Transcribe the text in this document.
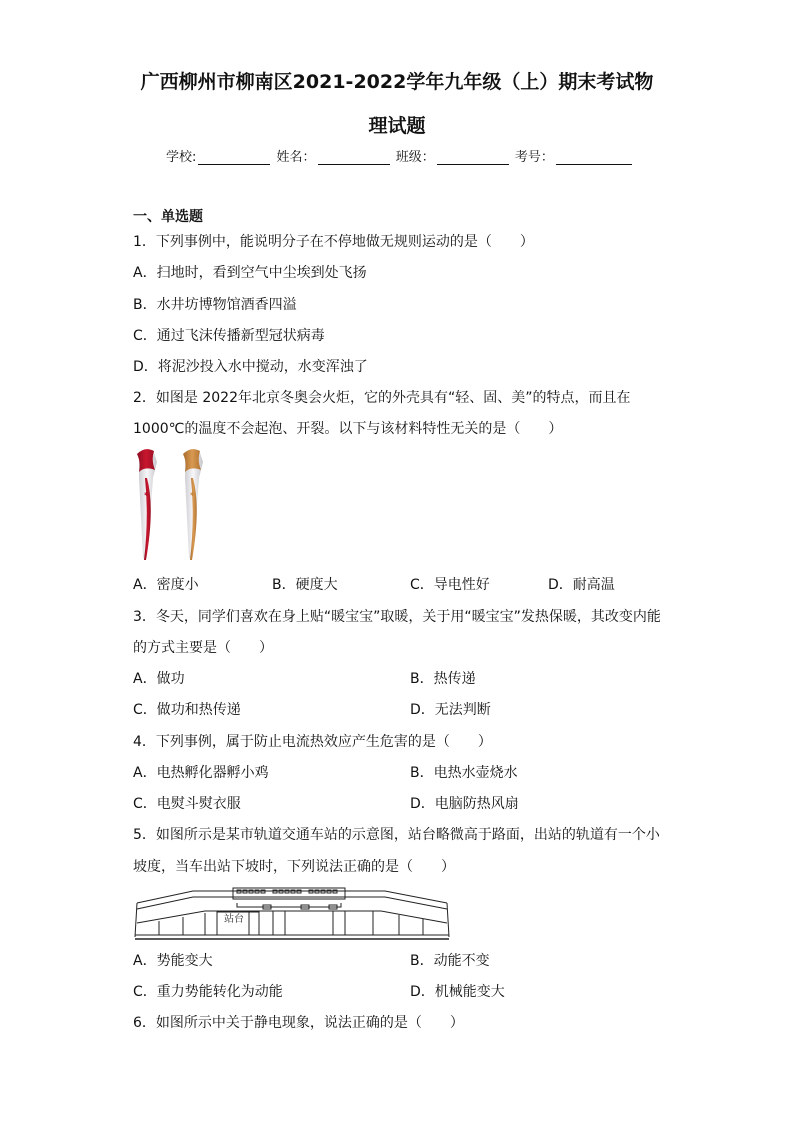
广西柳州市柳南区2021-2022学年九年级（上）期末考试物
理试题
学校:	姓名：	班级：	考号：
一、单选题
1．下列事例中，能说明分子在不停地做无规则运动的是（　　）
A．扫地时，看到空气中尘埃到处飞扬
B．水井坊博物馆酒香四溢
C．通过飞沫传播新型冠状病毒
D．将泥沙投入水中搅动，水变浑浊了
2．如图是 2022年北京冬奥会火炬，它的外壳具有“轻、固、美”的特点，而且在
1000℃的温度不会起泡、开裂。以下与该材料特性无关的是（　　）
✱	✱
A．密度小	B．硬度大	C．导电性好	D．耐高温
3．冬天，同学们喜欢在身上贴“暖宝宝”取暖，关于用“暖宝宝”发热保暖，其改变内能
的方式主要是（　　）
A．做功	B．热传递
C．做功和热传递	D．无法判断
4．下列事例，属于防止电流热效应产生危害的是（　　）
A．电热孵化器孵小鸡	B．电热水壶烧水
C．电熨斗熨衣服	D．电脑防热风扇
5．如图所示是某市轨道交通车站的示意图，站台略微高于路面，出站的轨道有一个小
坡度，当车出站下坡时，下列说法正确的是（　　）
站台
A．势能变大	B．动能不变
C．重力势能转化为动能	D．机械能变大
6．如图所示中关于静电现象，说法正确的是（　　）
